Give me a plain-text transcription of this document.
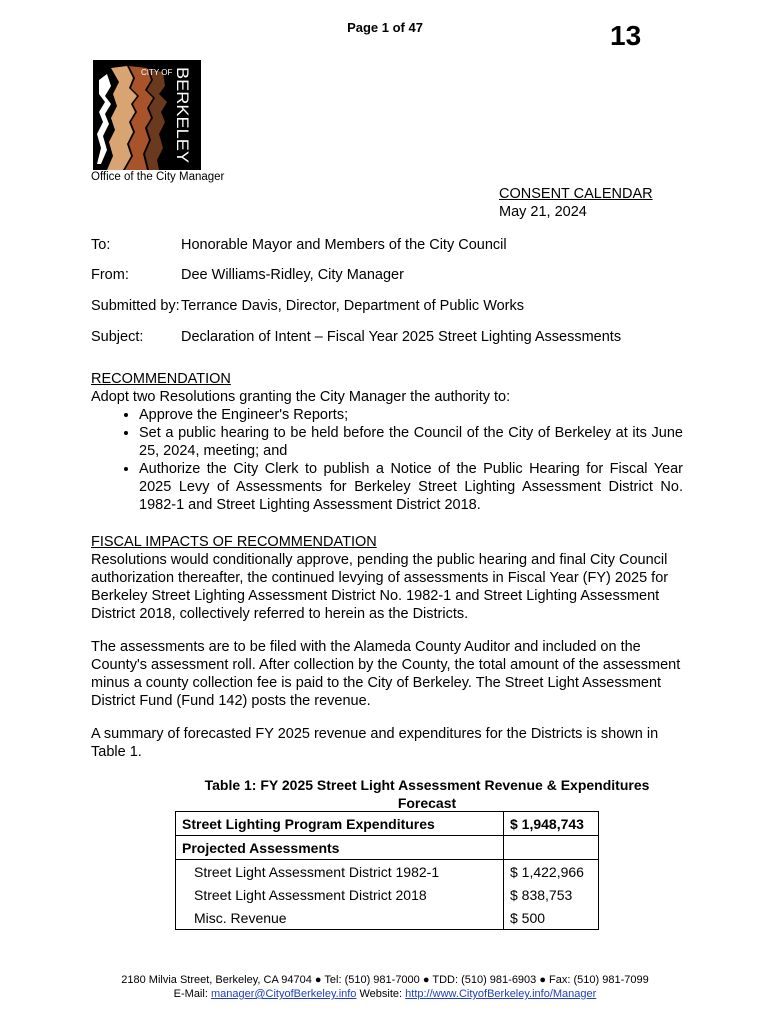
Page 1 of 47	13
CITY OF BERKELEY
Office of the City Manager
CONSENT CALENDAR
May 21, 2024
To:	Honorable Mayor and Members of the City Council
From:	Dee Williams-Ridley, City Manager
Submitted by: Terrance Davis, Director, Department of Public Works
Subject:	Declaration of Intent – Fiscal Year 2025 Street Lighting Assessments
RECOMMENDATION

Adopt two Resolutions granting the City Manager the authority to:

• Approve the Engineer's Reports;
• Set a public hearing to be held before the Council of the City of Berkeley at its June 25, 2024, meeting; and
• Authorize the City Clerk to publish a Notice of the Public Hearing for Fiscal Year 2025 Levy of Assessments for Berkeley Street Lighting Assessment District No. 1982-1 and Street Lighting Assessment District 2018.
FISCAL IMPACTS OF RECOMMENDATION

Resolutions would conditionally approve, pending the public hearing and final City Council authorization thereafter, the continued levying of assessments in Fiscal Year (FY) 2025 for Berkeley Street Lighting Assessment District No. 1982-1 and Street Lighting Assessment District 2018, collectively referred to herein as the Districts.

The assessments are to be filed with the Alameda County Auditor and included on the County's assessment roll. After collection by the County, the total amount of the assessment minus a county collection fee is paid to the City of Berkeley. The Street Light Assessment District Fund (Fund 142) posts the revenue.

A summary of forecasted FY 2025 revenue and expenditures for the Districts is shown in Table 1.

Table 1: FY 2025 Street Light Assessment Revenue & Expenditures Forecast
Street Lighting Program Expenditures	$ 1,948,743
Projected Assessments	
Street Light Assessment District 1982-1	$ 1,422,966
Street Light Assessment District 2018	$ 838,753
Misc. Revenue	$ 500
2180 Milvia Street, Berkeley, CA 94704 ● Tel: (510) 981-7000 ● TDD: (510) 981-6903 ● Fax: (510) 981-7099
E-Mail: manager@CityofBerkeley.info Website: http://www.CityofBerkeley.info/Manager
